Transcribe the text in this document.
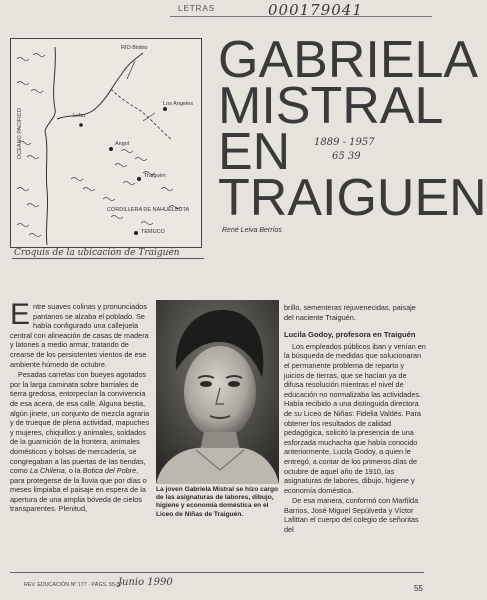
LETRAS	000179041
OCEANO PACIFICO	Lebu
RIO Biobio
Los Angeles
Angol
Traiguén
CORDILLERA DE NAHUELBUTA
TEMUCO
Croquis de la ubicación de Traiguén
GABRIELA
MISTRAL
EN
TRAIGUEN
1889 - 1957
65 39
René Leiva Berríos

Entre suaves colinas y pronunciados pantanos se alzaba el poblado. Se había configurado una callejuela central con alineación de casas de madera y latones a medio armar, tratando de crearse de los persistentes vientos de ese ambiente húmedo de octubre.

Pesadas carretas con bueyes agotados por la larga caminata sobre barriales de tierra gredosa, entorpecían la convivencia de esa acera, de esa calle. Alguna bestia, algún jinete, un conjunto de mezcla agraria y de trueque de plena actividad, mapuches y mujeres, chiquillos y animales, soldados de la guarnición de la frontera, animales domésticos y bolsas de mercadería, se congregaban a las puertas de las tiendas, como La Chilena, o la Botica del Pobre, para protegerse de la lluvia que por días o meses limpiaba el paisaje en espera de la apertura de una amplia bóveda de cielos transparentes. Plenitud,

La joven Gabriela Mistral se hizo cargo de las asignaturas de labores, dibujo, higiene y economía doméstica en el Liceo de Niñas de Traiguén.

brillo, sementeras rejuvenecidas, paisaje del naciente Traiguén.

Lucila Godoy, profesora en Traiguén

Los empleados públicos iban y venían en la búsqueda de medidas que solucionaran el permanente problema de reparto y juicios de tierras, que se hacían ya de difusa resolución mientras el nivel de educación no normalizaba las actividades. Había recibido a una distinguida directora de su Liceo de Niñas: Fidelia Valdés. Para obtener los resultados de calidad pedagógica, solicitó la presencia de una esforzada muchacha que había conocido anteriormente, Lucila Godoy, a quien le entregó, a contar de los primeros días de octubre de aquel año de 1910, las asignaturas de labores, dibujo, higiene y economía doméstica.

De esa manera, conformó con Marfilda Barrios, José Miguel Sepúlveda y Víctor Lafittan el cuerpo del colegio de señoritas del

REV. EDUCACIÓN Nº 177 · PÁGS. 55-57
Junio 1990
55
